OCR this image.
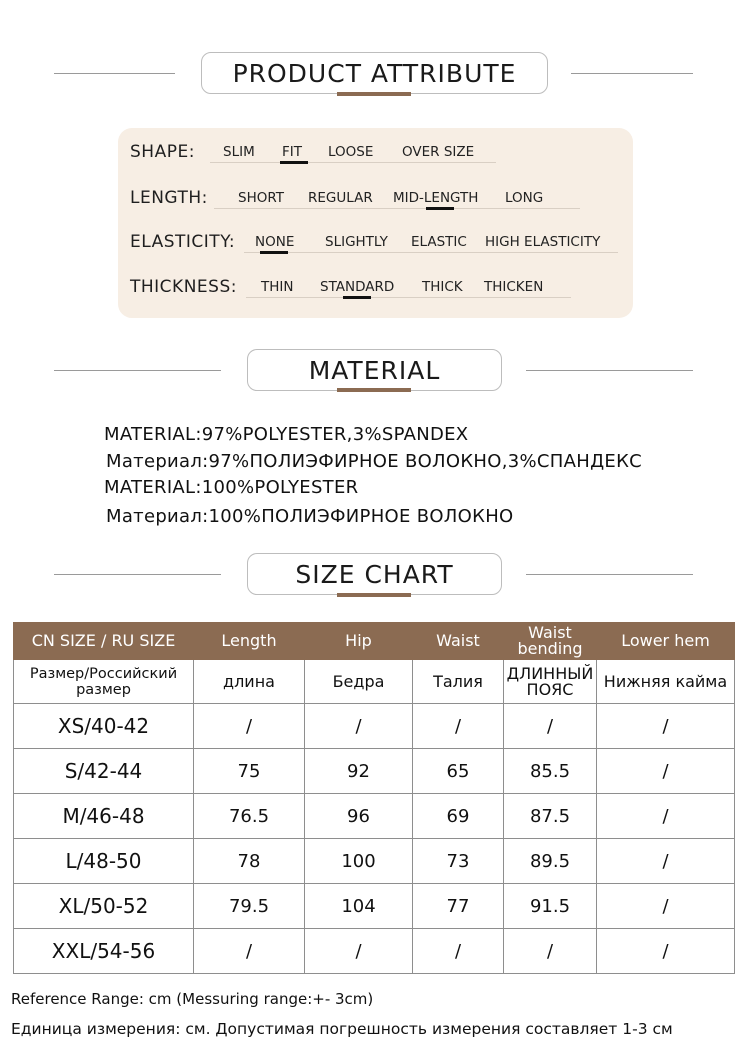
PRODUCT ATTRIBUTE
SHAPE: SLIM FIT LOOSE OVER SIZE
LENGTH: SHORT REGULAR MID-LENGTH LONG
ELASTICITY: NONE SLIGHTLY ELASTIC HIGH ELASTICITY
THICKNESS: THIN STANDARD THICK THICKEN
MATERIAL
MATERIAL:97%POLYESTER,3%SPANDEX
Материал:97%ПОЛИЭФИРНОЕ ВОЛОКНО,3%СПАНДЕКС
MATERIAL:100%POLYESTER
Материал:100%ПОЛИЭФИРНОЕ ВОЛОКНО
SIZE CHART
CN SIZE / RU SIZE	Length	Hip	Waist	Waist bending	Lower hem
Размер/Российский размер	длина	Бедра	Талия	ДЛИННЫЙ ПОЯС	Нижняя кайма
XS/40-42	/	/	/	/	/
S/42-44	75	92	65	85.5	/
M/46-48	76.5	96	69	87.5	/
L/48-50	78	100	73	89.5	/
XL/50-52	79.5	104	77	91.5	/
XXL/54-56	/	/	/	/	/
Reference Range: cm (Messuring range:+- 3cm)
Единица измерения: см. Допустимая погрешность измерения составляет 1-3 см
